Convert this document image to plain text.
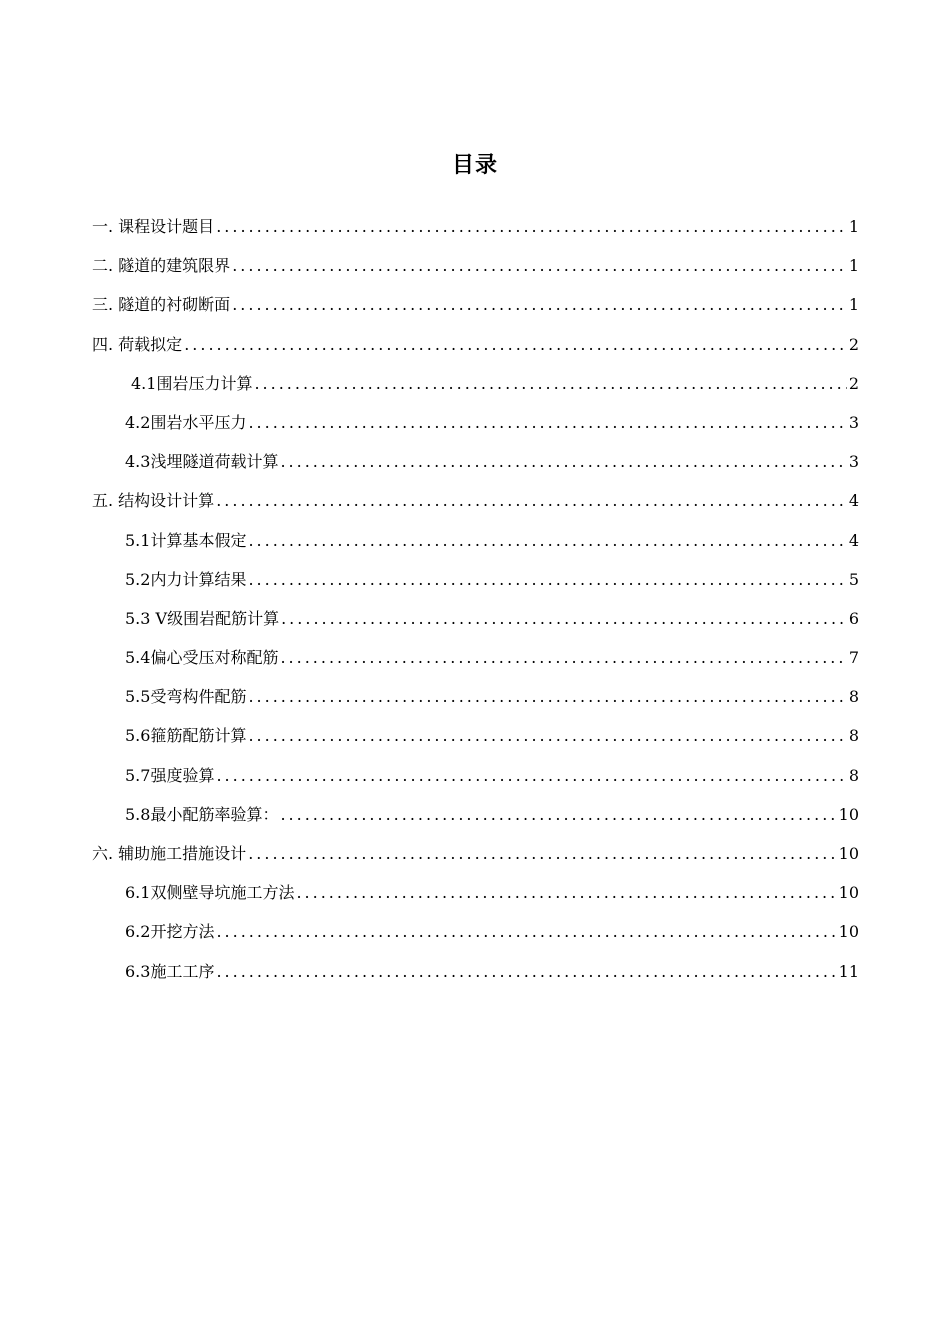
目录
一. 课程设计题目 .....	1
二. 隧道的建筑限界 .....	1
三. 隧道的衬砌断面 .....	1
四. 荷载拟定 .....	2
4.1围岩压力计算 .....	2
4.2围岩水平压力 .....	3
4.3浅埋隧道荷载计算 .....	3
五. 结构设计计算 .....	4
5.1计算基本假定 .....	4
5.2内力计算结果 .....	5
5.3 V级围岩配筋计算 .....	6
5.4偏心受压对称配筋 .....	7
5.5受弯构件配筋 .....	8
5.6箍筋配筋计算 .....	8
5.7强度验算 .....	8
5.8最小配筋率验算： .....	10
六. 辅助施工措施设计 .....	10
6.1双侧壁导坑施工方法 .....	10
6.2开挖方法 .....	10
6.3施工工序 .....	11
